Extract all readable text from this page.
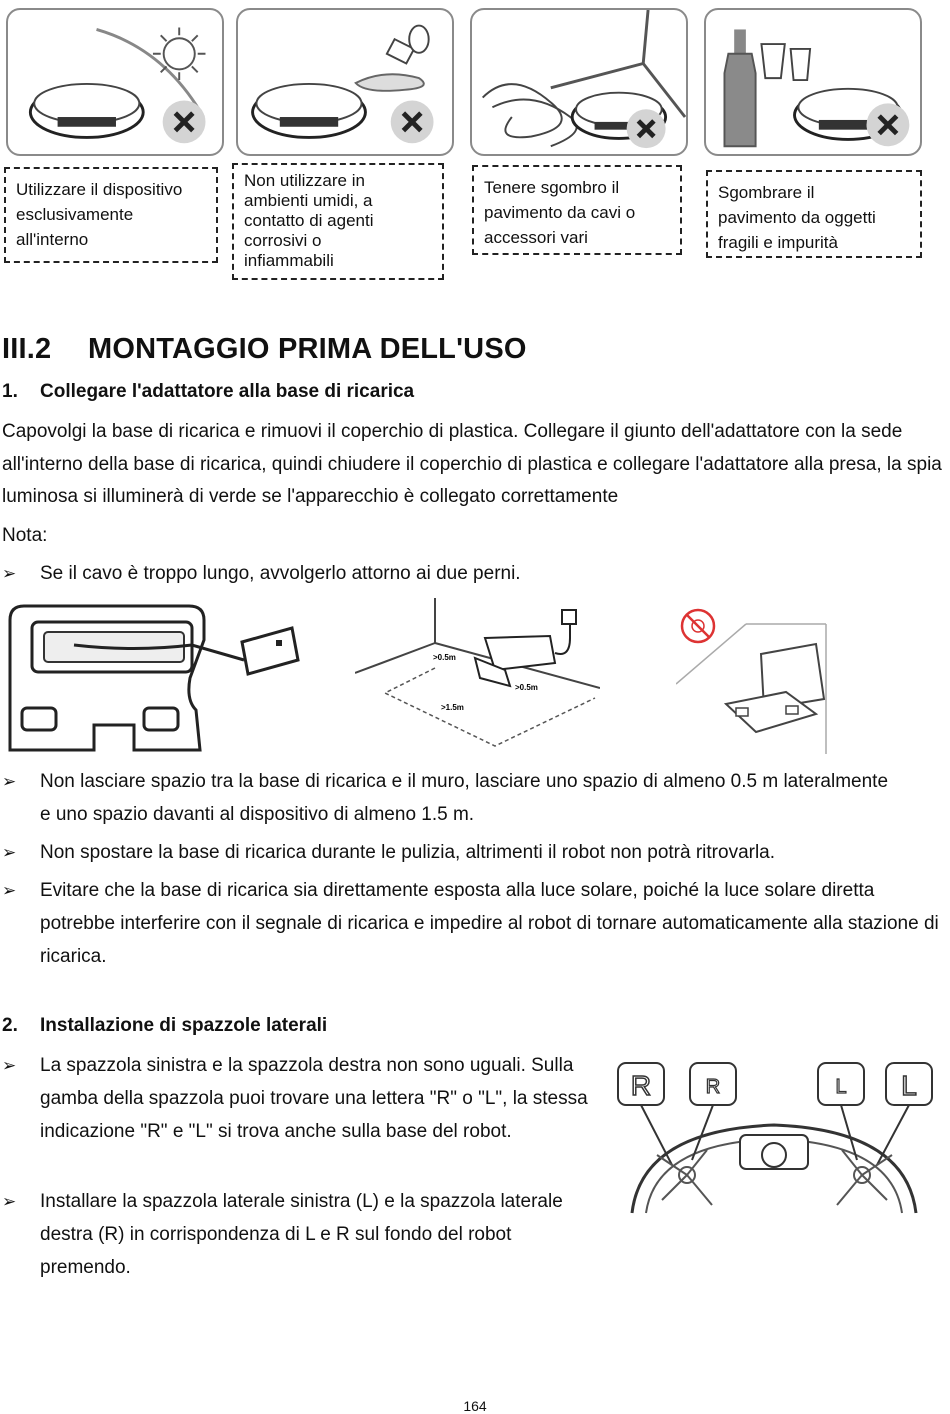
Utilizzare il dispositivo
esclusivamente
all'interno
Non utilizzare in
ambienti umidi, a
contatto di agenti
corrosivi o
infiammabili
Tenere sgombro il
pavimento da cavi o
accessori vari
Sgombrare il
pavimento da oggetti
fragili e impurità
III.2 MONTAGGIO PRIMA DELL'USO
1. Collegare l'adattatore alla base di ricarica
Capovolgi la base di ricarica e rimuovi il coperchio di plastica. Collegare il giunto dell'adattatore con la sede all'interno della base di ricarica, quindi chiudere il coperchio di plastica e collegare l'adattatore alla presa, la spia luminosa si illuminerà di verde se l'apparecchio è collegato correttamente
Nota:
➢	Se il cavo è troppo lungo, avvolgerlo attorno ai due perni.
>0.5m
>1.5m
>0.5m
➢	Non lasciare spazio tra la base di ricarica e il muro, lasciare uno spazio di almeno 0.5 m lateralmente e uno spazio davanti al dispositivo di almeno 1.5 m.
➢	Non spostare la base di ricarica durante le pulizia, altrimenti il robot non potrà ritrovarla.
➢	Evitare che la base di ricarica sia direttamente esposta alla luce solare, poiché la luce solare diretta potrebbe interferire con il segnale di ricarica e impedire al robot di tornare automaticamente alla stazione di ricarica.
2. Installazione di spazzole laterali
➢	La spazzola sinistra e la spazzola destra non sono uguali. Sulla gamba della spazzola puoi trovare una lettera "R" o "L", la stessa indicazione "R" e "L" si trova anche sulla base del robot.
➢	Installare la spazzola laterale sinistra (L) e la spazzola laterale destra (R) in corrispondenza di L e R sul fondo del robot premendo.
R	R	L L
164
